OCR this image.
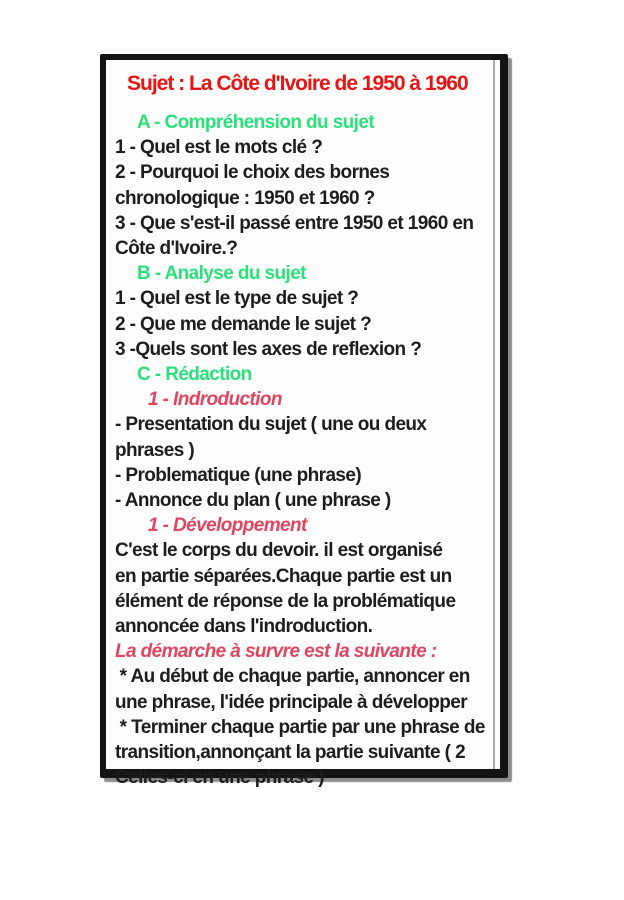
Sujet : La Côte d'Ivoire de 1950 à 1960
A - Compréhension du sujet
1 - Quel est le mots clé ?
2 - Pourquoi le choix des bornes
chronologique : 1950 et 1960 ?
3 - Que s'est-il passé entre 1950 et 1960 en
Côte d'Ivoire.?
B - Analyse du sujet
1 - Quel est le type de sujet ?
2 - Que me demande le sujet ?
3 -Quels sont les axes de reflexion ?
C - Rédaction
1 - Indroduction
- Presentation du sujet ( une ou deux
phrases )
- Problematique (une phrase)
- Annonce du plan ( une phrase )
1 - Développement
C'est le corps du devoir. il est organisé
en partie séparées.Chaque partie est un
élément de réponse de la problématique
annoncée dans l'indroduction.
La démarche à survre est la suivante :
* Au début de chaque partie, annoncer en
une phrase, l'idée principale à développer
* Terminer chaque partie par une phrase de
transition,annonçant la partie suivante ( 2
Celles-ci en une phrase )
